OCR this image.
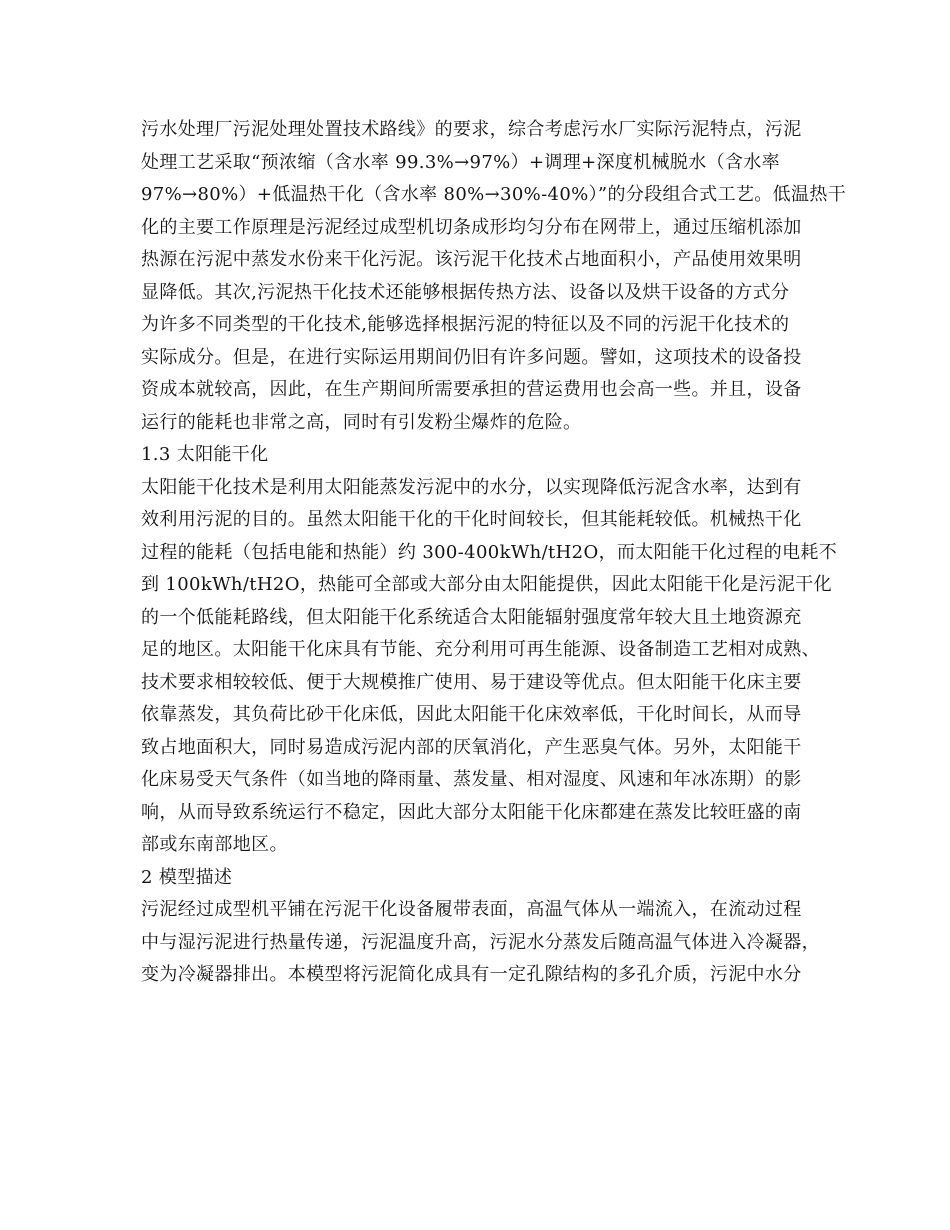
污水处理厂污泥处理处置技术路线》的要求，综合考虑污水厂实际污泥特点，污泥
处理工艺采取“预浓缩（含水率 99.3%→97%）+调理+深度机械脱水（含水率
97%→80%）+低温热干化（含水率 80%→30%-40%）”的分段组合式工艺。低温热干
化的主要工作原理是污泥经过成型机切条成形均匀分布在网带上，通过压缩机添加
热源在污泥中蒸发水份来干化污泥。该污泥干化技术占地面积小，产品使用效果明
显降低。其次,污泥热干化技术还能够根据传热方法、设备以及烘干设备的方式分
为许多不同类型的干化技术,能够选择根据污泥的特征以及不同的污泥干化技术的
实际成分。但是，在进行实际运用期间仍旧有许多问题。譬如，这项技术的设备投
资成本就较高，因此，在生产期间所需要承担的营运费用也会高一些。并且，设备
运行的能耗也非常之高，同时有引发粉尘爆炸的危险。
1.3 太阳能干化
太阳能干化技术是利用太阳能蒸发污泥中的水分，以实现降低污泥含水率，达到有
效利用污泥的目的。虽然太阳能干化的干化时间较长，但其能耗较低。机械热干化
过程的能耗（包括电能和热能）约 300-400kWh/tH2O，而太阳能干化过程的电耗不
到 100kWh/tH2O，热能可全部或大部分由太阳能提供，因此太阳能干化是污泥干化
的一个低能耗路线，但太阳能干化系统适合太阳能辐射强度常年较大且土地资源充
足的地区。太阳能干化床具有节能、充分利用可再生能源、设备制造工艺相对成熟、
技术要求相较较低、便于大规模推广使用、易于建设等优点。但太阳能干化床主要
依靠蒸发，其负荷比砂干化床低，因此太阳能干化床效率低，干化时间长，从而导
致占地面积大，同时易造成污泥内部的厌氧消化，产生恶臭气体。另外，太阳能干
化床易受天气条件（如当地的降雨量、蒸发量、相对湿度、风速和年冰冻期）的影
响，从而导致系统运行不稳定，因此大部分太阳能干化床都建在蒸发比较旺盛的南
部或东南部地区。
2 模型描述
污泥经过成型机平铺在污泥干化设备履带表面，高温气体从一端流入，在流动过程
中与湿污泥进行热量传递，污泥温度升高，污泥水分蒸发后随高温气体进入冷凝器，
变为冷凝器排出。本模型将污泥简化成具有一定孔隙结构的多孔介质，污泥中水分
